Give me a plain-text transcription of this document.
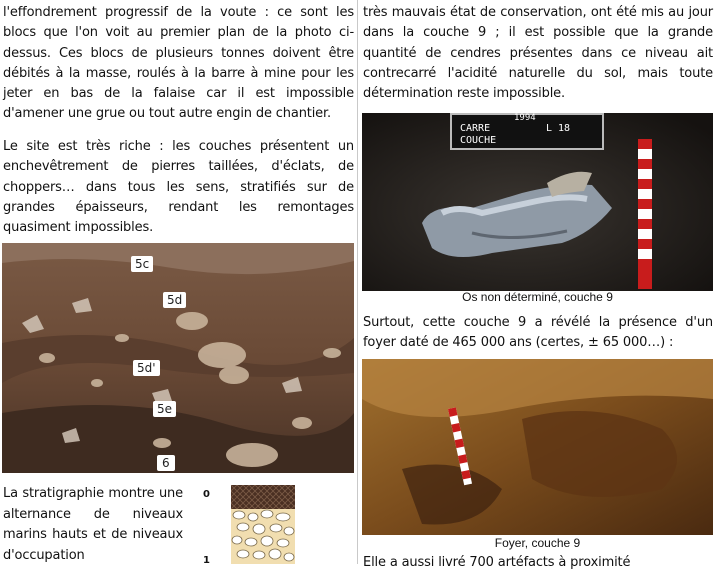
l'effondrement progressif de la voute : ce sont les blocs que l'on voit au premier plan de la photo ci-dessus. Ces blocs de plusieurs tonnes doivent être débités à la masse, roulés à la barre à mine pour les jeter en bas de la falaise car il est impossible d'amener une grue ou tout autre engin de chantier.

Le site est très riche : les couches présentent un enchevêtrement de pierres taillées, d'éclats, de choppers… dans tous les sens, stratifiés sur de grandes épaisseurs, rendant les remontages quasiment impossibles.

5c
5d
5d'
5e
6

La stratigraphie montre une alternance de niveaux marins hauts et de niveaux d'occupation

0
1

très mauvais état de conservation, ont été mis au jour dans la couche 9 ; il est possible que la grande quantité de cendres présentes dans ce niveau ait contrecarré l'acidité naturelle du sol, mais toute détermination reste impossible.

1994
CARRE	L 18
COUCHE
Os non déterminé, couche 9

Surtout, cette couche 9 a révélé la présence d'un foyer daté de 465 000 ans (certes, ± 65 000…) :

Foyer, couche 9

Elle a aussi livré 700 artéfacts à proximité
